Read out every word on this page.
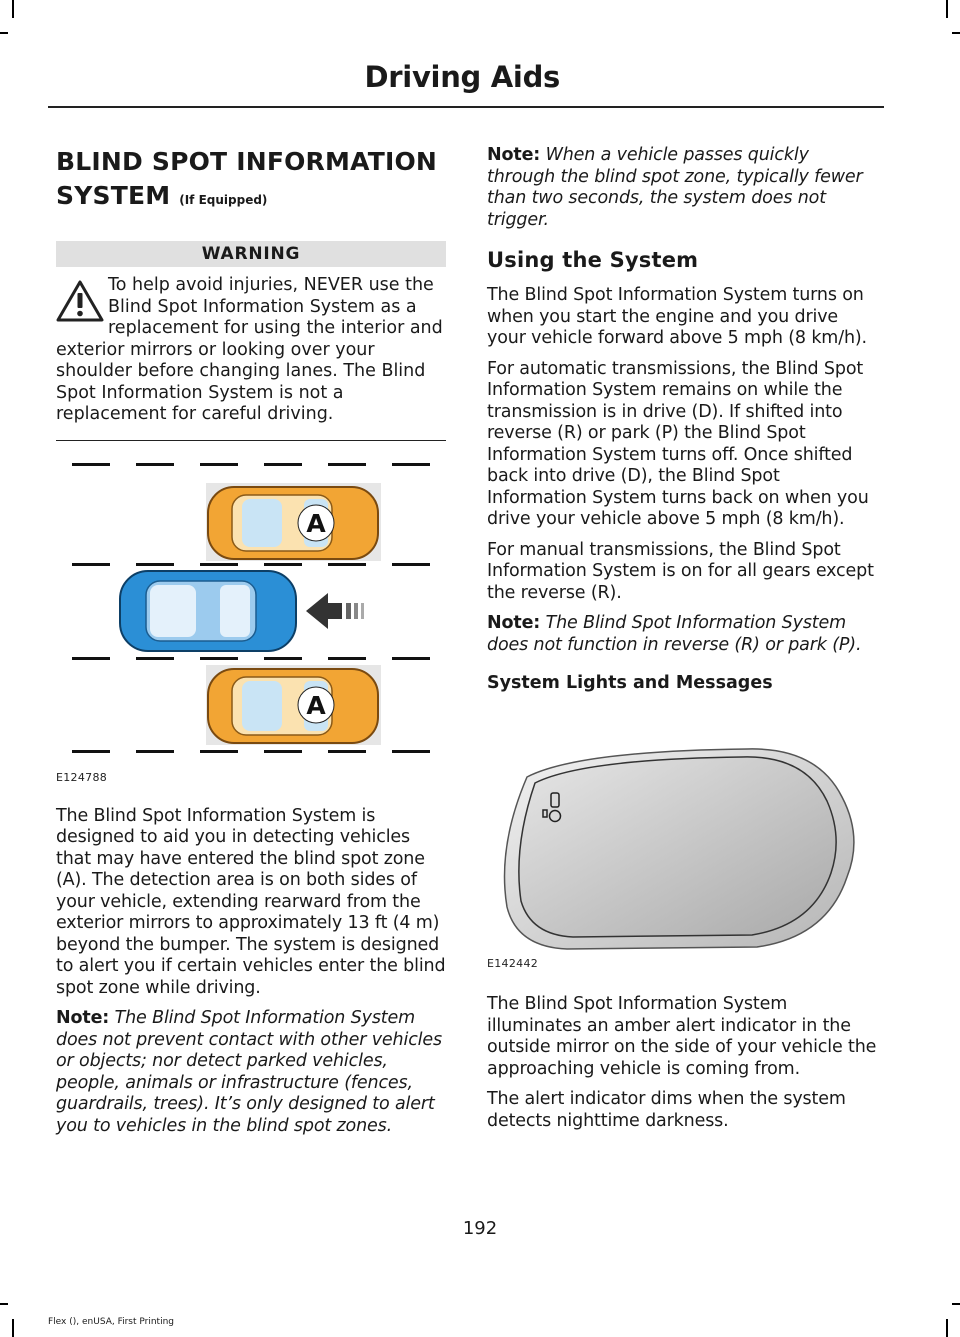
Driving Aids
BLIND SPOT INFORMATION SYSTEM (If Equipped)
WARNING
To help avoid injuries, NEVER use the Blind Spot Information System as a replacement for using the interior and exterior mirrors or looking over your shoulder before changing lanes. The Blind Spot Information System is not a replacement for careful driving.
A
A
E124788

The Blind Spot Information System is designed to aid you in detecting vehicles that may have entered the blind spot zone (A). The detection area is on both sides of your vehicle, extending rearward from the exterior mirrors to approximately 13 ft (4 m) beyond the bumper. The system is designed to alert you if certain vehicles enter the blind spot zone while driving.

Note: The Blind Spot Information System does not prevent contact with other vehicles or objects; nor detect parked vehicles, people, animals or infrastructure (fences, guardrails, trees). It’s only designed to alert you to vehicles in the blind spot zones.

Note: When a vehicle passes quickly through the blind spot zone, typically fewer than two seconds, the system does not trigger.

Using the System

The Blind Spot Information System turns on when you start the engine and you drive your vehicle forward above 5 mph (8 km/h).

For automatic transmissions, the Blind Spot Information System remains on while the transmission is in drive (D). If shifted into reverse (R) or park (P) the Blind Spot Information System turns off. Once shifted back into drive (D), the Blind Spot Information System turns back on when you drive your vehicle above 5 mph (8 km/h).

For manual transmissions, the Blind Spot Information System is on for all gears except the reverse (R).

Note: The Blind Spot Information System does not function in reverse (R) or park (P).

System Lights and Messages
E142442

The Blind Spot Information System illuminates an amber alert indicator in the outside mirror on the side of your vehicle the approaching vehicle is coming from.

The alert indicator dims when the system detects nighttime darkness.

192
Flex (), enUSA, First Printing
